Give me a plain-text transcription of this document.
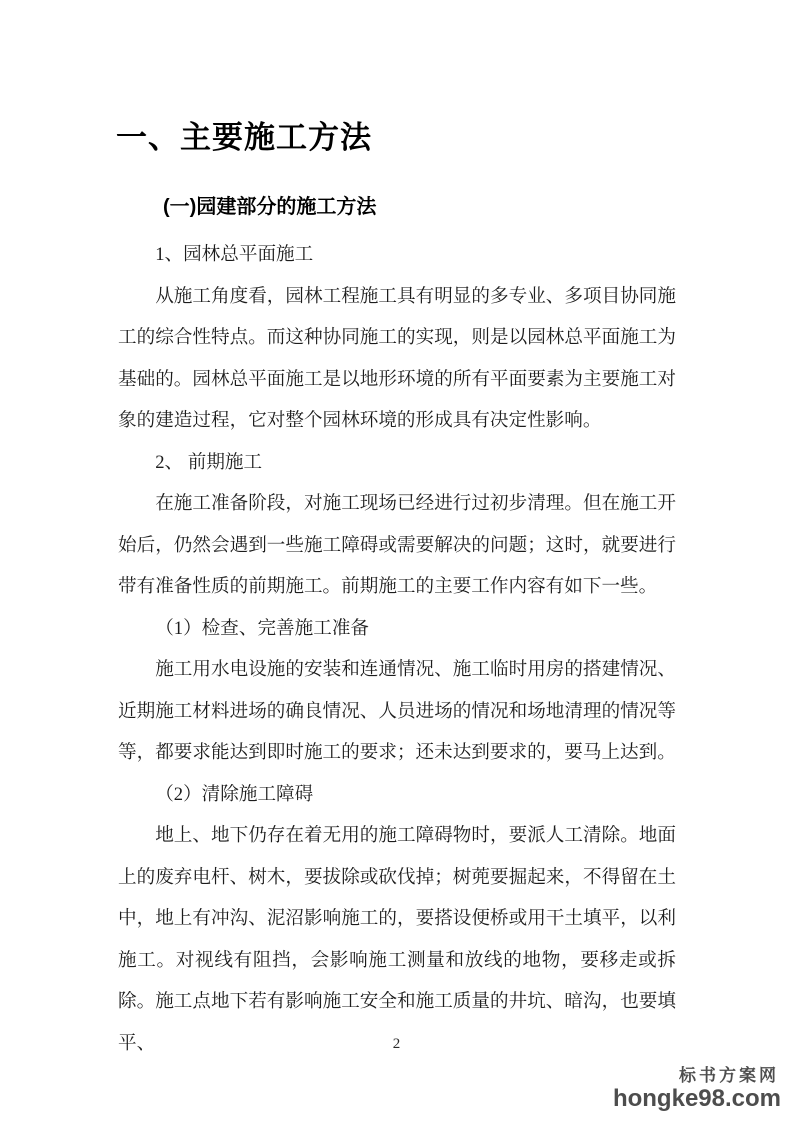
一、主要施工方法
(一)园建部分的施工方法
1、园林总平面施工
从施工角度看，园林工程施工具有明显的多专业、多项目协同施工的综合性特点。而这种协同施工的实现，则是以园林总平面施工为基础的。园林总平面施工是以地形环境的所有平面要素为主要施工对象的建造过程，它对整个园林环境的形成具有决定性影响。
2、 前期施工
在施工准备阶段，对施工现场已经进行过初步清理。但在施工开始后，仍然会遇到一些施工障碍或需要解决的问题；这时，就要进行带有准备性质的前期施工。前期施工的主要工作内容有如下一些。
（1）检查、完善施工准备
施工用水电设施的安装和连通情况、施工临时用房的搭建情况、近期施工材料进场的确良情况、人员进场的情况和场地清理的情况等等，都要求能达到即时施工的要求；还未达到要求的，要马上达到。
（2）清除施工障碍
地上、地下仍存在着无用的施工障碍物时，要派人工清除。地面上的废弃电杆、树木，要拔除或砍伐掉；树蔸要掘起来，不得留在土中，地上有冲沟、泥沼影响施工的，要搭设便桥或用干土填平，以利施工。对视线有阻挡，会影响施工测量和放线的地物，要移走或拆除。施工点地下若有影响施工安全和施工质量的井坑、暗沟，也要填平、	2
标书方案网
hongke98.com
